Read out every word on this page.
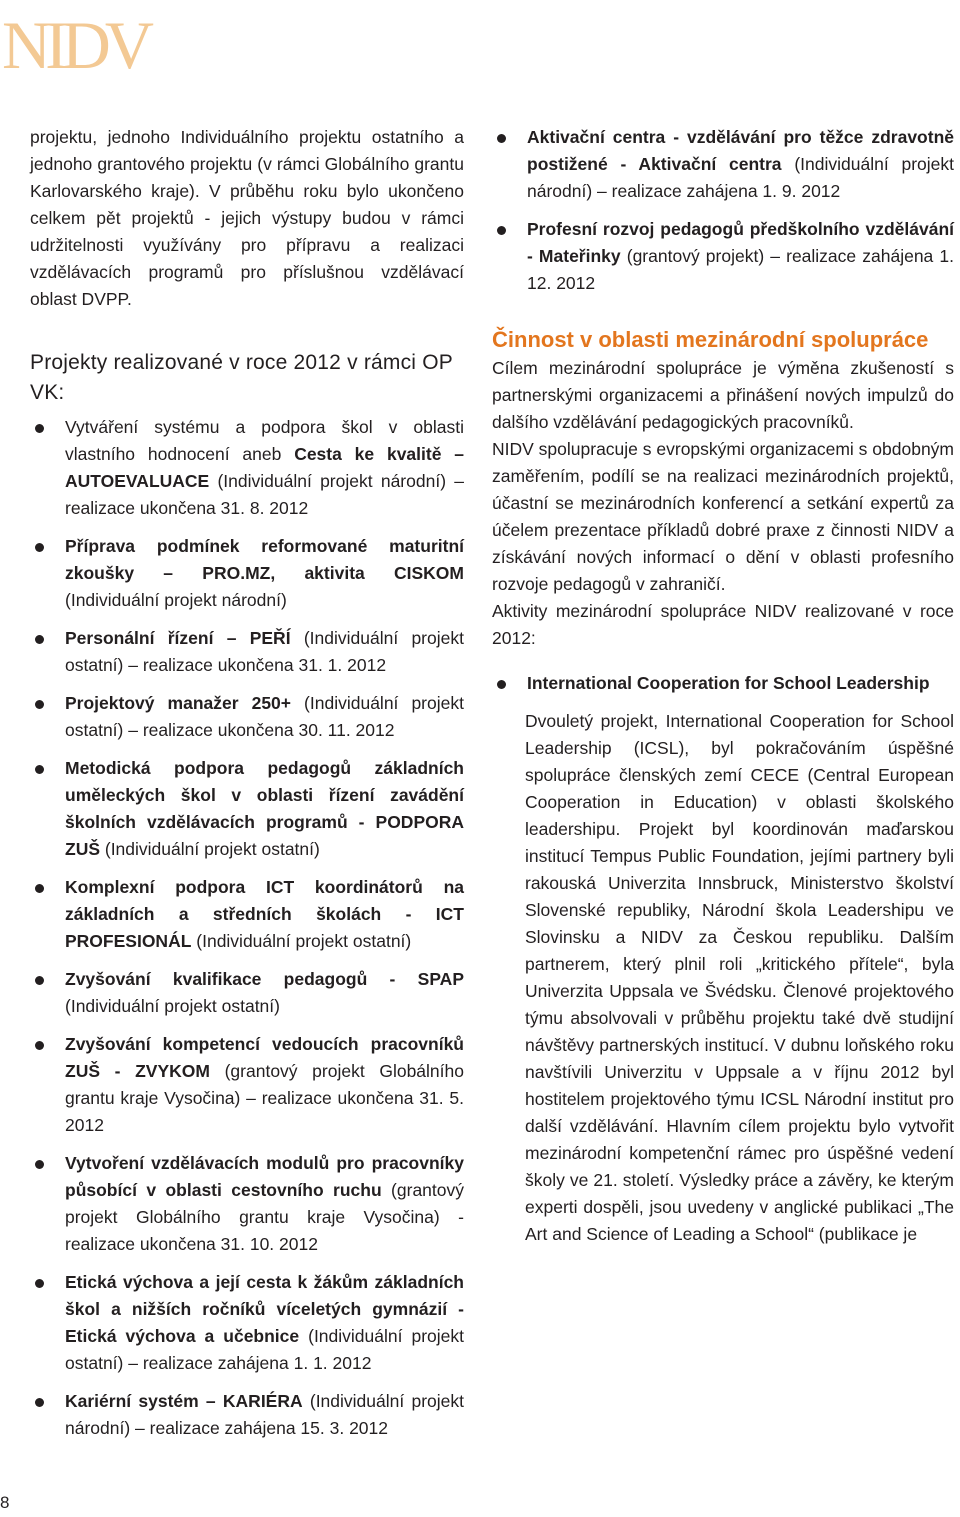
NIDV

projektu, jednoho Individuálního projektu ostatního a jednoho grantového projektu (v rámci Globálního grantu Karlovarského kraje). V průběhu roku bylo ukončeno celkem pět projektů - jejich výstupy budou v rámci udržitelnosti využívány pro přípravu a realizaci vzdělávacích programů pro příslušnou vzdělávací oblast DVPP.

Projekty realizované v roce 2012 v rámci OP VK:
Vytváření systému a podpora škol v oblasti vlastního hodnocení aneb Cesta ke kvalitě – AUTOEVALUACE (Individuální projekt národní) – realizace ukončena 31. 8. 2012
Příprava podmínek reformované maturitní zkoušky – PRO.MZ, aktivita CISKOM (Individuální projekt národní)
Personální řízení – PEŘÍ (Individuální projekt ostatní) – realizace ukončena 31. 1. 2012
Projektový manažer 250+ (Individuální projekt ostatní) – realizace ukončena 30. 11. 2012
Metodická podpora pedagogů základních uměleckých škol v oblasti řízení zavádění školních vzdělávacích programů - PODPORA ZUŠ (Individuální projekt ostatní)
Komplexní podpora ICT koordinátorů na základních a středních školách - ICT PROFESIONÁL (Individuální projekt ostatní)
Zvyšování kvalifikace pedagogů - SPAP (Individuální projekt ostatní)
Zvyšování kompetencí vedoucích pracovníků ZUŠ - ZVYKOM (grantový projekt Globálního grantu kraje Vysočina) – realizace ukončena 31. 5. 2012
Vytvoření vzdělávacích modulů pro pracovníky působící v oblasti cestovního ruchu (grantový projekt Globálního grantu kraje Vysočina) - realizace ukončena 31. 10. 2012
Etická výchova a její cesta k žákům základních škol a nižších ročníků víceletých gymnázií - Etická výchova a učebnice (Individuální projekt ostatní) – realizace zahájena 1. 1. 2012
Kariérní systém – KARIÉRA (Individuální projekt národní) – realizace zahájena 15. 3. 2012
Aktivační centra - vzdělávání pro těžce zdravotně postižené - Aktivační centra (Individuální projekt národní) – realizace zahájena 1. 9. 2012
Profesní rozvoj pedagogů předškolního vzdělávání - Mateřinky (grantový projekt) – realizace zahájena 1. 12. 2012
Činnost v oblasti mezinárodní spolupráce

Cílem mezinárodní spolupráce je výměna zkušeností s partnerskými organizacemi a přinášení nových impulzů do dalšího vzdělávání pedagogických pracovníků.

NIDV spolupracuje s evropskými organizacemi s obdobným zaměřením, podílí se na realizaci mezinárodních projektů, účastní se mezinárodních konferencí a setkání expertů za účelem prezentace příkladů dobré praxe z činnosti NIDV a získávání nových informací o dění v oblasti profesního rozvoje pedagogů v zahraničí.

Aktivity mezinárodní spolupráce NIDV realizované v roce 2012:

International Cooperation for School Leadership

Dvouletý projekt, International Cooperation for School Leadership (ICSL), byl pokračováním úspěšné spolupráce členských zemí CECE (Central European Cooperation in Education) v oblasti školského leadershipu. Projekt byl koordinován maďarskou institucí Tempus Public Foundation, jejími partnery byli rakouská Univerzita Innsbruck, Ministerstvo školství Slovenské republiky, Národní škola Leadershipu ve Slovinsku a NIDV za Českou republiku. Dalším partnerem, který plnil roli „kritického přítele“, byla Univerzita Uppsala ve Švédsku. Členové projektového týmu absolvovali v průběhu projektu také dvě studijní návštěvy partnerských institucí. V dubnu loňského roku navštívili Univerzitu v Uppsale a v říjnu 2012 byl hostitelem projektového týmu ICSL Národní institut pro další vzdělávání. Hlavním cílem projektu bylo vytvořit mezinárodní kompetenční rámec pro úspěšné vedení školy ve 21. století. Výsledky práce a závěry, ke kterým experti dospěli, jsou uvedeny v anglické publikaci „The Art and Science of Leading a School“ (publikace je

8
